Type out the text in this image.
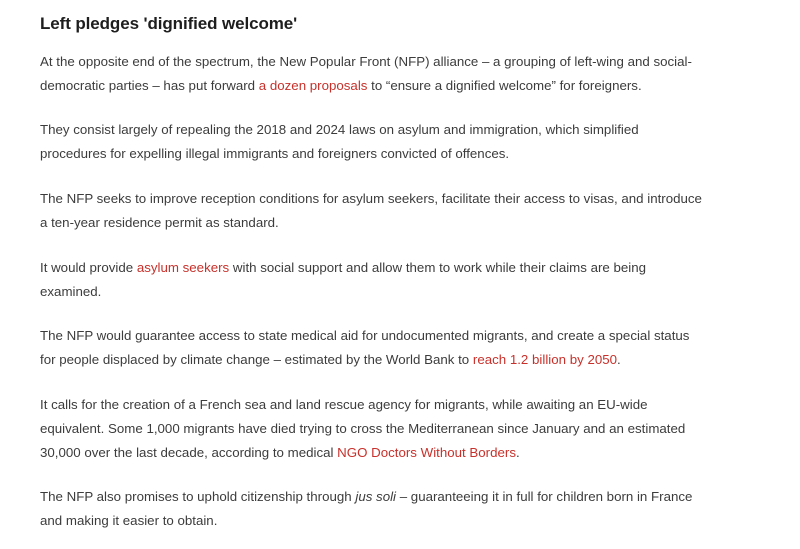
Left pledges 'dignified welcome'

At the opposite end of the spectrum, the New Popular Front (NFP) alliance – a grouping of left-wing and social-
democratic parties – has put forward a dozen proposals to “ensure a dignified welcome” for foreigners.

They consist largely of repealing the 2018 and 2024 laws on asylum and immigration, which simplified
procedures for expelling illegal immigrants and foreigners convicted of offences.

The NFP seeks to improve reception conditions for asylum seekers, facilitate their access to visas, and introduce
a ten-year residence permit as standard.

It would provide asylum seekers with social support and allow them to work while their claims are being
examined.

The NFP would guarantee access to state medical aid for undocumented migrants, and create a special status
for people displaced by climate change – estimated by the World Bank to reach 1.2 billion by 2050.

It calls for the creation of a French sea and land rescue agency for migrants, while awaiting an EU-wide
equivalent. Some 1,000 migrants have died trying to cross the Mediterranean since January and an estimated
30,000 over the last decade, according to medical NGO Doctors Without Borders.

The NFP also promises to uphold citizenship through jus soli – guaranteeing it in full for children born in France
and making it easier to obtain.
